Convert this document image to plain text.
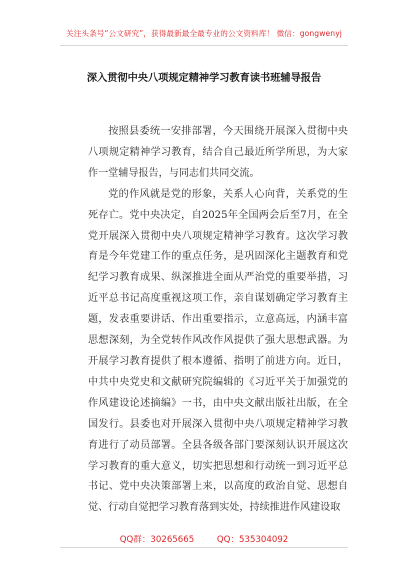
关注头条号“公文研究”，获得最新最全最专业的公文资料库！ 微信：gongwenyj
深入贯彻中央八项规定精神学习教育读书班辅导报告

按照县委统一安排部署，今天围绕开展深入贯彻中央八项规定精神学习教育，结合自己最近所学所思，为大家作一堂辅导报告，与同志们共同交流。

党的作风就是党的形象，关系人心向背，关系党的生死存亡。党中央决定，自2025年全国两会后至7月，在全党开展深入贯彻中央八项规定精神学习教育。这次学习教育是今年党建工作的重点任务，是巩固深化主题教育和党纪学习教育成果、纵深推进全面从严治党的重要举措，习近平总书记高度重视这项工作，亲自谋划确定学习教育主题，发表重要讲话、作出重要指示，立意高远，内涵丰富思想深刻，为全党转作风改作风提供了强大思想武器。为开展学习教育提供了根本遵循、指明了前进方向。近日，中共中央党史和文献研究院编辑的《习近平关于加强党的作风建设论述摘编》一书，由中央文献出版社出版，在全国发行。县委也对开展深入贯彻中央八项规定精神学习教育进行了动员部署。全县各级各部门要深刻认识开展这次学习教育的重大意义，切实把思想和行动统一到习近平总书记、党中央决策部署上来，以高度的政治自觉、思想自觉、行动自觉把学习教育落到实处，持续推进作风建设取

QQ群：30265665	QQ：535304092
